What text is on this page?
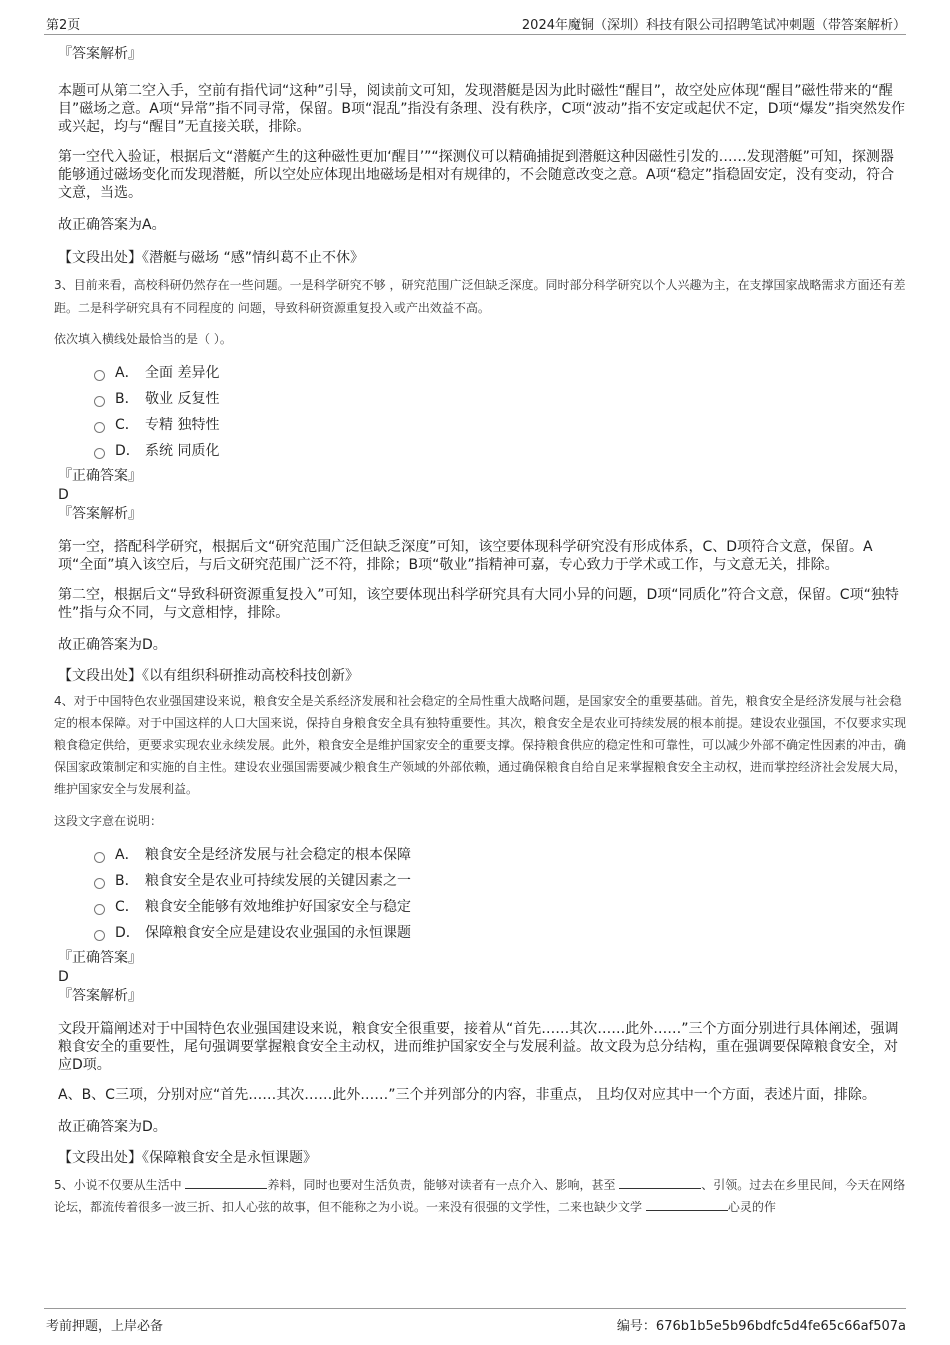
第2页	2024年魔铜（深圳）科技有限公司招聘笔试冲刺题（带答案解析）
『答案解析』

本题可从第二空入手，空前有指代词“这种”引导，阅读前文可知，发现潜艇是因为此时磁性“醒目”，故空处应体现“醒目”磁性带来的“醒目”磁场之意。A项“异常”指不同寻常，保留。B项“混乱”指没有条理、没有秩序，C项“波动”指不安定或起伏不定，D项“爆发”指突然发作或兴起，均与“醒目”无直接关联，排除。

第一空代入验证，根据后文“潜艇产生的这种磁性更加‘醒目’”“探测仪可以精确捕捉到潜艇这种因磁性引发的……发现潜艇”可知，探测器能够通过磁场变化而发现潜艇，所以空处应体现出地磁场是相对有规律的，不会随意改变之意。A项“稳定”指稳固安定，没有变动，符合文意，当选。

故正确答案为A。

【文段出处】《潜艇与磁场 “感”情纠葛不止不休》

3、目前来看，高校科研仍然存在一些问题。一是科学研究不够 ，研究范围广泛但缺乏深度。同时部分科学研究以个人兴趣为主，在支撑国家战略需求方面还有差距。二是科学研究具有不同程度的 问题，导致科研资源重复投入或产出效益不高。

依次填入横线处最恰当的是（ ）。
A． 全面 差异化
B． 敬业 反复性
C． 专精 独特性
D． 系统 同质化
『正确答案』
D
『答案解析』

第一空，搭配科学研究，根据后文“研究范围广泛但缺乏深度”可知，该空要体现科学研究没有形成体系，C、D项符合文意，保留。A项“全面”填入该空后，与后文研究范围广泛不符，排除；B项“敬业”指精神可嘉，专心致力于学术或工作，与文意无关，排除。

第二空，根据后文“导致科研资源重复投入”可知，该空要体现出科学研究具有大同小异的问题，D项“同质化”符合文意，保留。C项“独特性”指与众不同，与文意相悖，排除。

故正确答案为D。

【文段出处】《以有组织科研推动高校科技创新》

4、对于中国特色农业强国建设来说，粮食安全是关系经济发展和社会稳定的全局性重大战略问题，是国家安全的重要基础。首先，粮食安全是经济发展与社会稳定的根本保障。对于中国这样的人口大国来说，保持自身粮食安全具有独特重要性。其次，粮食安全是农业可持续发展的根本前提。建设农业强国，不仅要求实现粮食稳定供给，更要求实现农业永续发展。此外，粮食安全是维护国家安全的重要支撑。保持粮食供应的稳定性和可靠性，可以减少外部不确定性因素的冲击，确保国家政策制定和实施的自主性。建设农业强国需要减少粮食生产领域的外部依赖，通过确保粮食自给自足来掌握粮食安全主动权，进而掌控经济社会发展大局，维护国家安全与发展利益。

这段文字意在说明：
A． 粮食安全是经济发展与社会稳定的根本保障
B． 粮食安全是农业可持续发展的关键因素之一
C． 粮食安全能够有效地维护好国家安全与稳定
D． 保障粮食安全应是建设农业强国的永恒课题
『正确答案』
D
『答案解析』

文段开篇阐述对于中国特色农业强国建设来说，粮食安全很重要，接着从“首先……其次……此外……”三个方面分别进行具体阐述，强调粮食安全的重要性，尾句强调要掌握粮食安全主动权，进而维护国家安全与发展利益。故文段为总分结构，重在强调要保障粮食安全，对应D项。

A、B、C三项，分别对应“首先……其次……此外……”三个并列部分的内容，非重点， 且均仅对应其中一个方面，表述片面，排除。

故正确答案为D。

【文段出处】《保障粮食安全是永恒课题》

5、小说不仅要从生活中	养料，同时也要对生活负责，能够对读者有一点介入、影响，甚至	、引领。过去在乡里民间，今天在网络论坛，都流传着很多一波三折、扣人心弦的故事，但不能称之为小说。一来没有很强的文学性，二来也缺少文学	心灵的作

考前押题，上岸必备	编号：676b1b5e5b96bdfc5d4fe65c66af507a
